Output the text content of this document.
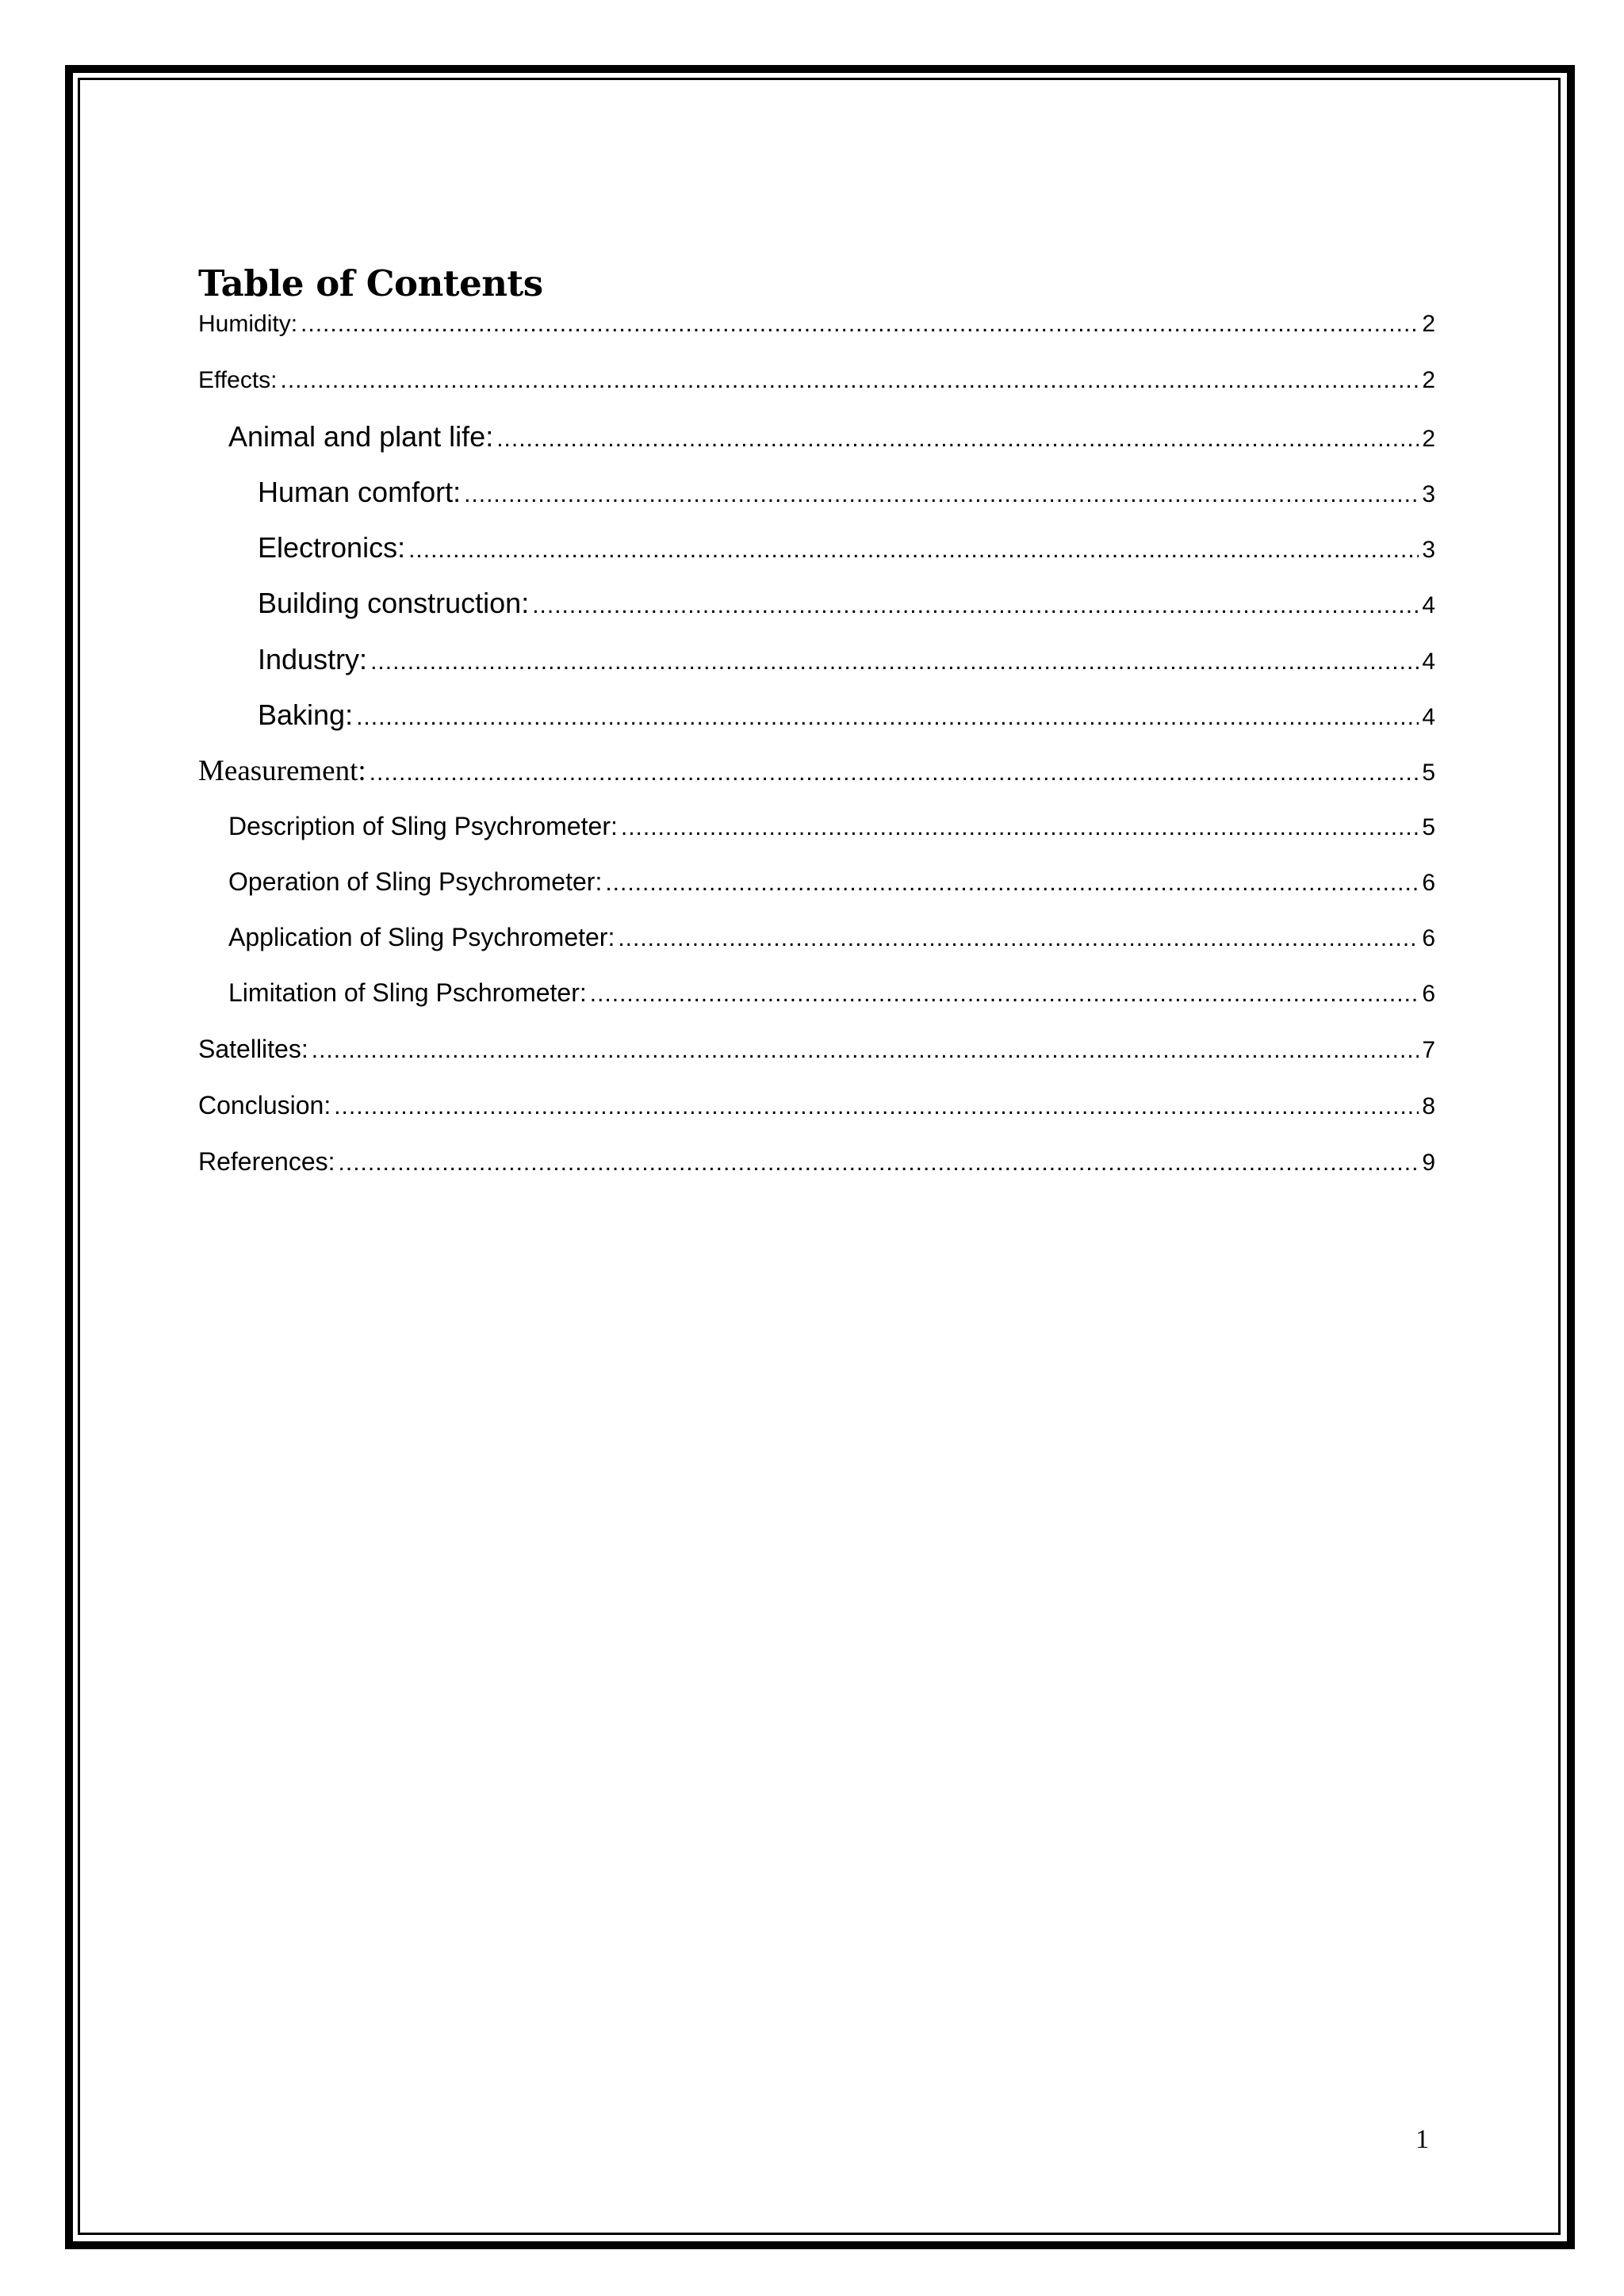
Table of Contents
Humidity: .....	2
Effects: .....	2
Animal and plant life: .....	2
Human comfort: .....	3
Electronics: .....	3
Building construction: .....	4
Industry: .....	4
Baking: .....	4
Measurement: .....	5
Description of Sling Psychrometer: .....	5
Operation of Sling Psychrometer: .....	6
Application of Sling Psychrometer: .....	6
Limitation of Sling Pschrometer: .....	6
Satellites: .....	7
Conclusion: .....	8
References: .....	9
1
